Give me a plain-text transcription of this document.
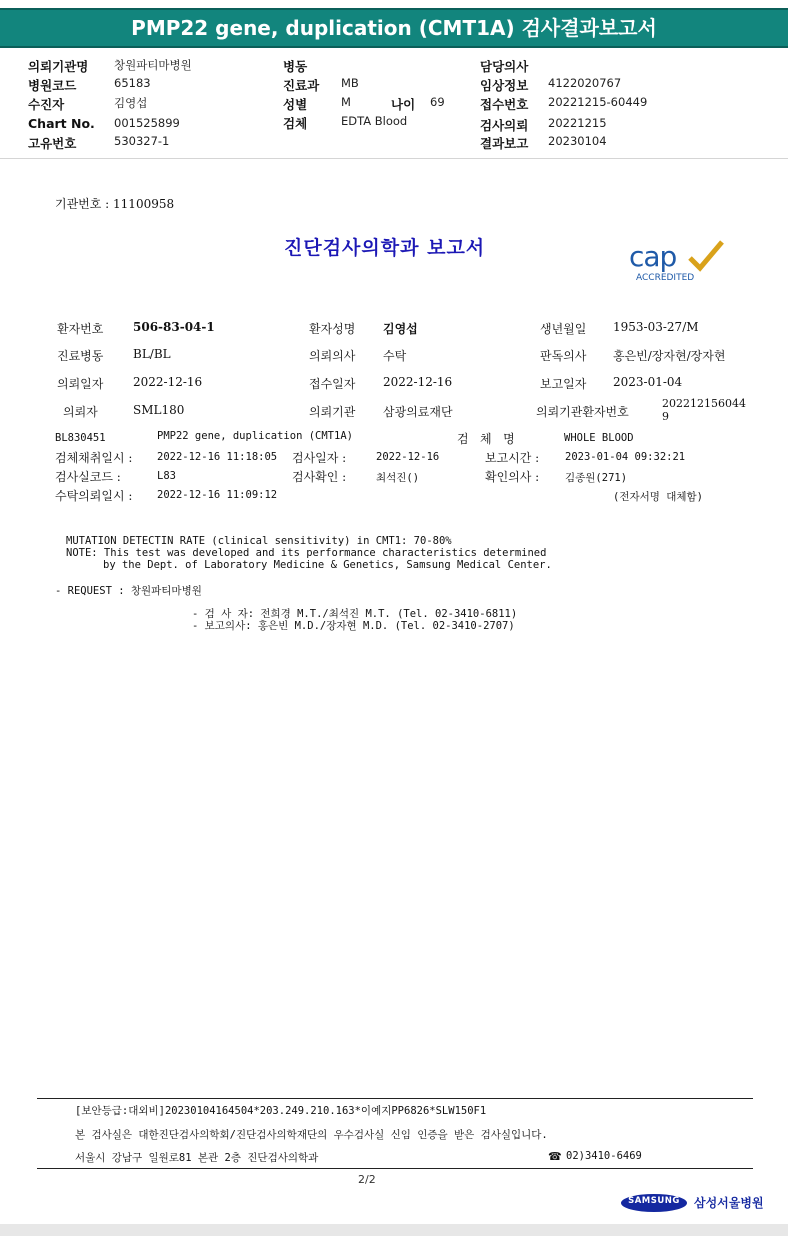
PMP22 gene, duplication (CMT1A) 검사결과보고서
의뢰기관명 창원파티마병원
병원코드	65183
수진자	김영섭
Chart No. 001525899
고유번호	530327-1
병동
진료과 MB
성별	M	나이 69
검체	EDTA Blood
담당의사
임상정보 4122020767
접수번호 20221215-60449
검사의뢰 20221215
결과보고 20230104
기관번호 : 11100958
진단검사의학과 보고서	cap
ACCREDITED
환자번호 506-83-04-1	환자성명 김영섭	생년월일 1953-03-27/M
진료병동 BL/BL	의뢰의사 수탁	판독의사 홍은빈/장자현/장자현
의뢰일자 2022-12-16	접수일자 2022-12-16	보고일자 2023-01-04
의뢰자	SML180	의뢰기관 삼광의료재단	의뢰기관환자번호
202212156044
9
BL830451	PMP22 gene, duplication (CMT1A)	검   체   명	WHOLE BLOOD
검체채취일시 : 2022-12-16 11:18:05 검사일자 :	2022-12-16	보고시간 : 2023-01-04 09:32:21
검사실코드 :	L83	검사확인 :	최석진()	확인의사 : 김종원(271)
수탁의뢰일시 : 2022-12-16 11:09:12	(전자서명 대체함)
MUTATION DETECTIN RATE (clinical sensitivity) in CMT1: 70-80%
NOTE: This test was developed and its performance characteristics determined
by the Dept. of Laboratory Medicine & Genetics, Samsung Medical Center.
- REQUEST : 창원파티마병원
- 검 사 자: 전희경 M.T./최석진 M.T. (Tel. 02-3410-6811)
- 보고의사: 홍은빈 M.D./장자현 M.D. (Tel. 02-3410-2707)
[보안등급:대외비]20230104164504*203.249.210.163*이예지PP6826*SLW150F1
본 검사실은 대한진단검사의학회/진단검사의학재단의 우수검사실 신임 인증을 받은 검사실입니다.
서울시 강남구 일원로81 본관 2층 진단검사의학과	☎ 02)3410-6469
2/2
SAMSUNG	삼성서울병원
